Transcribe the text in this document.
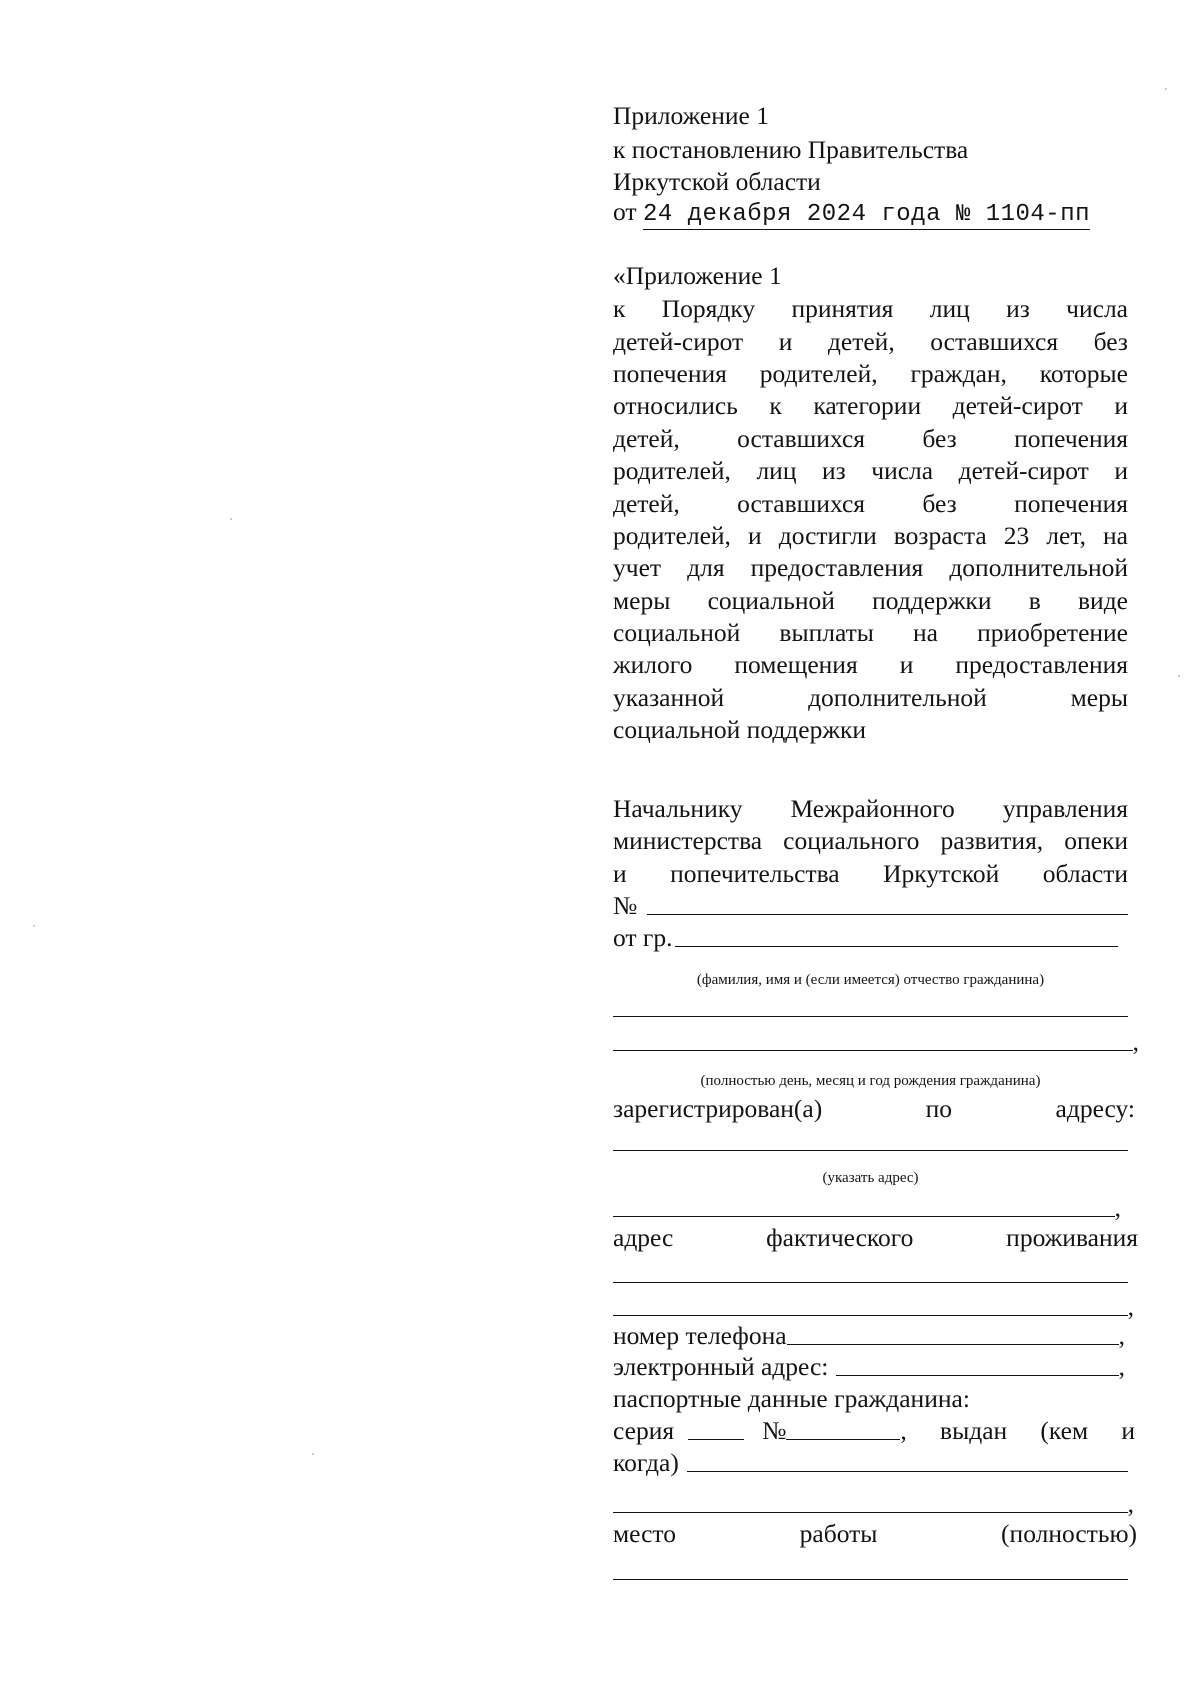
Приложение 1
к постановлению Правительства
Иркутской области
от 24 декабря 2024 года № 1104-пп
«Приложение 1
к Порядку принятия лиц из числа
детей-сирот и детей, оставшихся без
попечения родителей, граждан, которые
относились к категории детей-сирот и
детей, оставшихся без попечения
родителей, лиц из числа детей-сирот и
детей, оставшихся без попечения
родителей, и достигли возраста 23 лет, на
учет для предоставления дополнительной
меры социальной поддержки в виде
социальной выплаты на приобретение
жилого помещения и предоставления
указанной дополнительной меры
социальной поддержки
Начальнику Межрайонного управления
министерства социального развития, опеки
и попечительства Иркутской области
№
от гр.
(фамилия, имя и (если имеется) отчество гражданина)
,
(полностью день, месяц и год рождения гражданина)
зарегистрирован(а) по адресу:
(указать адрес)
,
адрес фактического проживания
,
номер телефона	,
электронный адрес:	,
паспортные данные гражданина:
серия	№	, выдан (кем и
когда)
,
место работы (полностью)
